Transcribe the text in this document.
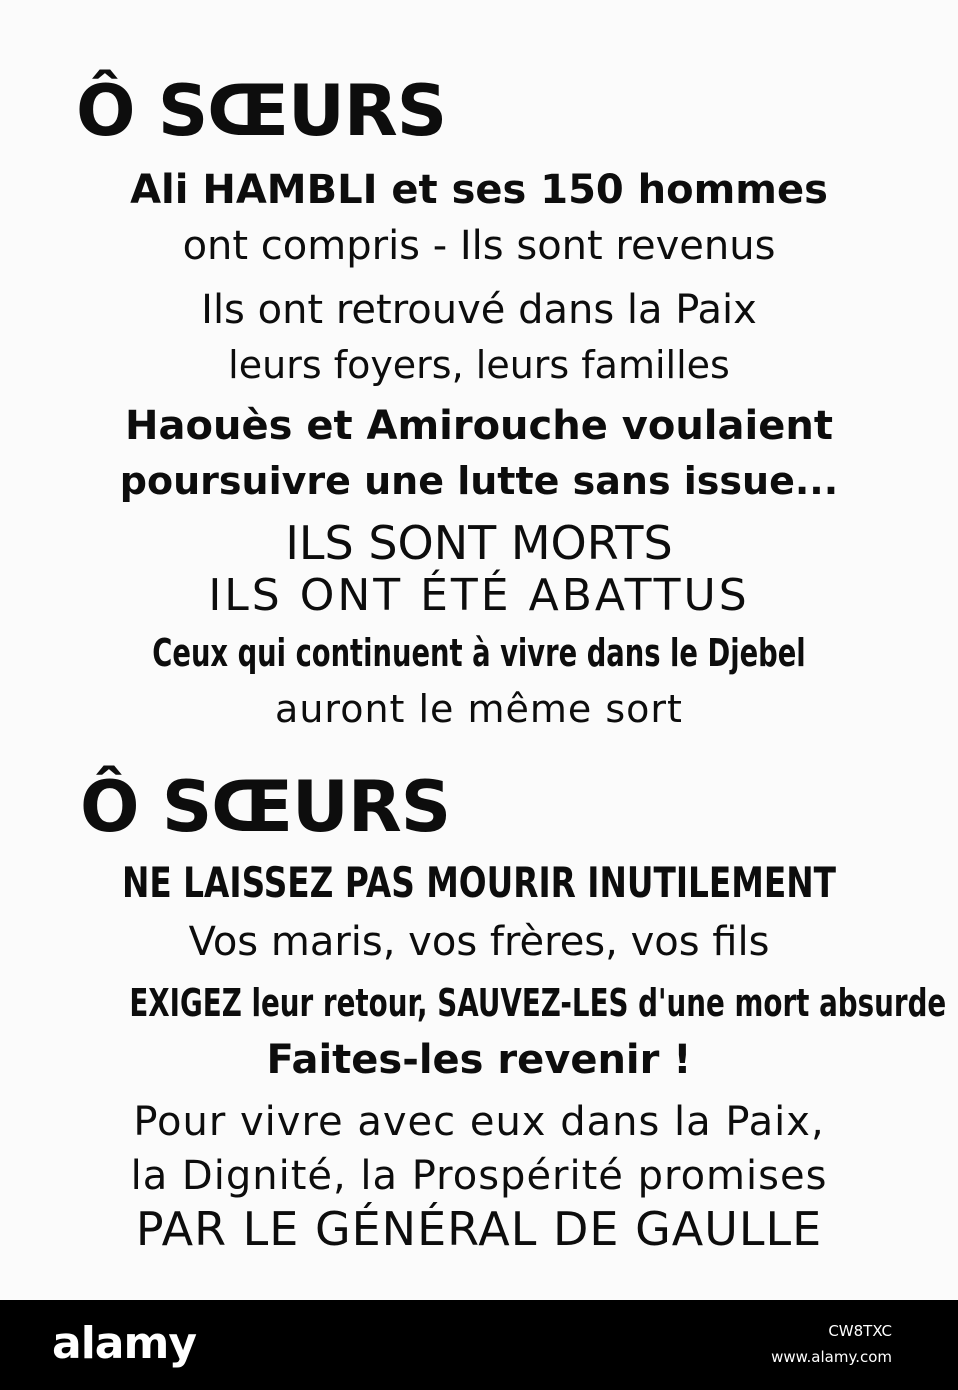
Ô SŒURS

Ali HAMBLI et ses 150 hommes

ont compris - Ils sont revenus

Ils ont retrouvé dans la Paix

leurs foyers, leurs familles

Haouès et Amirouche voulaient

poursuivre une lutte sans issue...

ILS SONT MORTS

ILS ONT ÉTÉ ABATTUS

Ceux qui continuent à vivre dans le Djebel

auront le même sort

Ô SŒURS

NE LAISSEZ PAS MOURIR INUTILEMENT

Vos maris, vos frères, vos fils

EXIGEZ leur retour, SAUVEZ-LES d'une mort absurde

Faites-les revenir !

Pour vivre avec eux dans la Paix,

la Dignité, la Prospérité promises

PAR LE GÉNÉRAL DE GAULLE

alamy	CW8TXC
www.alamy.com
